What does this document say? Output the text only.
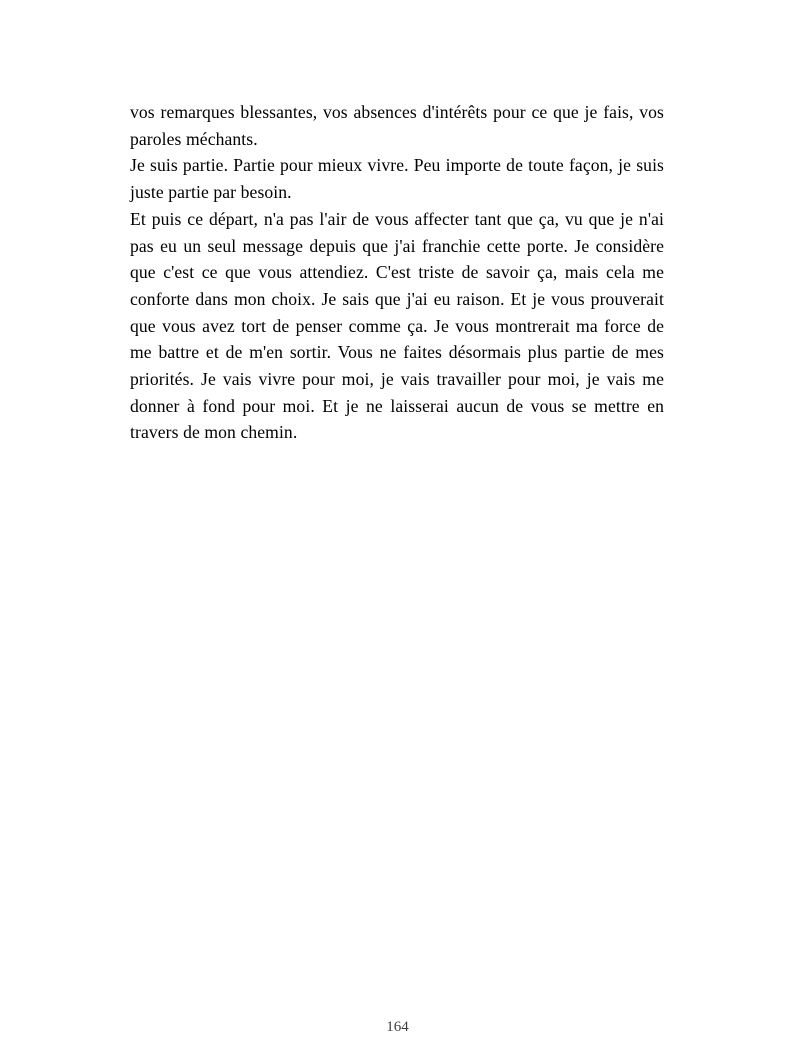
vos remarques blessantes, vos absences d'intérêts pour ce que je fais, vos paroles méchants.

Je suis partie. Partie pour mieux vivre. Peu importe de toute façon, je suis juste partie par besoin.

Et puis ce départ, n'a pas l'air de vous affecter tant que ça, vu que je n'ai pas eu un seul message depuis que j'ai franchie cette porte. Je considère que c'est ce que vous attendiez. C'est triste de savoir ça, mais cela me conforte dans mon choix. Je sais que j'ai eu raison. Et je vous prouverait que vous avez tort de penser comme ça. Je vous montrerait ma force de me battre et de m'en sortir. Vous ne faites désormais plus partie de mes priorités. Je vais vivre pour moi, je vais travailler pour moi, je vais me donner à fond pour moi. Et je ne laisserai aucun de vous se mettre en travers de mon chemin.

164
